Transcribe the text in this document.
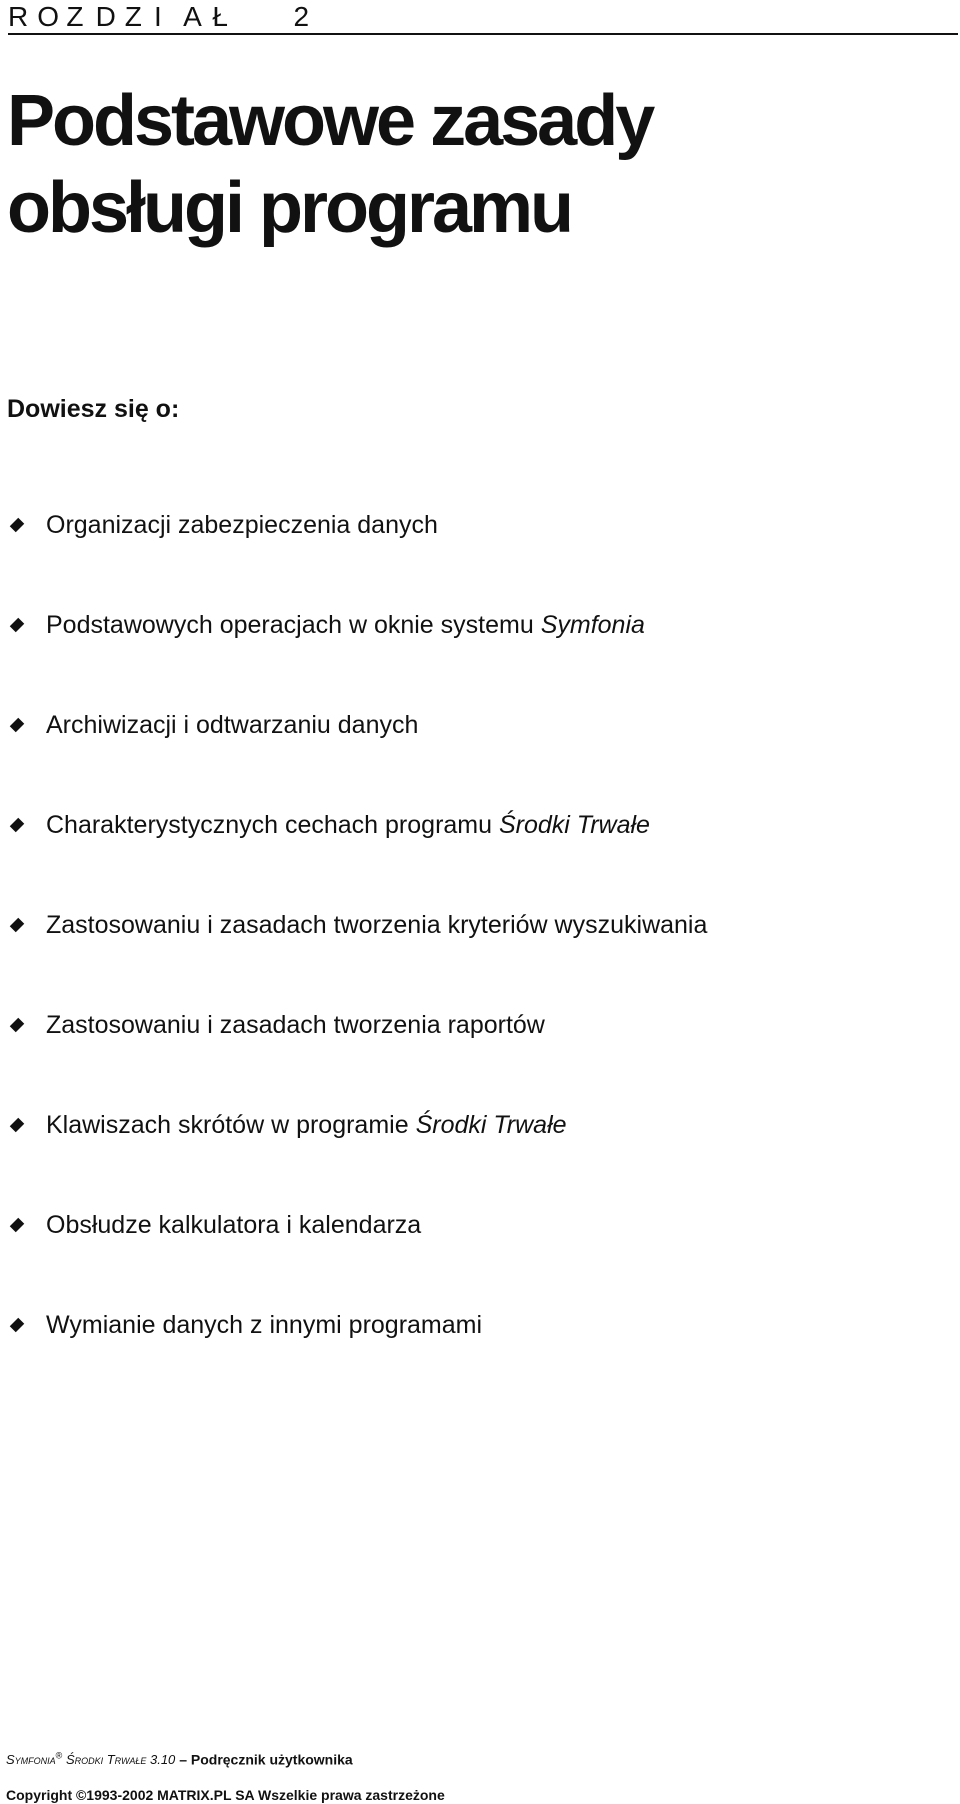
R O Z D Z I A Ł	2
Podstawowe zasady
obsługi programu

Dowiesz się o:

Organizacji zabezpieczenia danych
Podstawowych operacjach w oknie systemu Symfonia
Archiwizacji i odtwarzaniu danych
Charakterystycznych cechach programu Środki Trwałe
Zastosowaniu i zasadach tworzenia kryteriów wyszukiwania
Zastosowaniu i zasadach tworzenia raportów
Klawiszach skrótów w programie Środki Trwałe
Obsłudze kalkulatora i kalendarza
Wymianie danych z innymi programami
Symfonia® Środki Trwałe 3.10 – Podręcznik użytkownika
Copyright ©1993-2002 MATRIX.PL SA Wszelkie prawa zastrzeżone
